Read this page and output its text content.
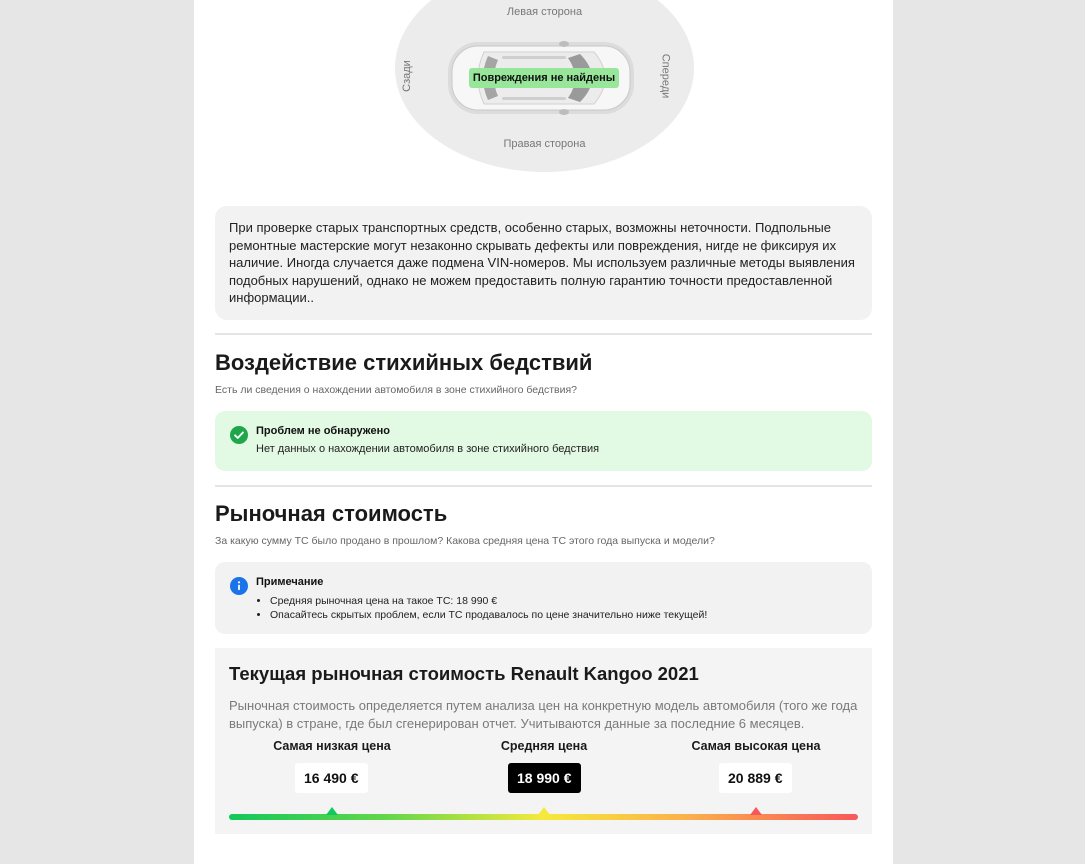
Левая сторона
Правая сторона
Сзади	Спереди
Повреждения не найдены
При проверке старых транспортных средств, особенно старых, возможны неточности. Подпольные ремонтные мастерские могут незаконно скрывать дефекты или повреждения, нигде не фиксируя их наличие. Иногда случается даже подмена VIN-номеров. Мы используем различные методы выявления подобных нарушений, однако не можем предоставить полную гарантию точности предоставленной информации..
Воздействие стихийных бедствий
Есть ли сведения о нахождении автомобиля в зоне стихийного бедствия?
Проблем не обнаружено
Нет данных о нахождении автомобиля в зоне стихийного бедствия
Рыночная стоимость
За какую сумму ТС было продано в прошлом? Какова средняя цена ТС этого года выпуска и модели?
Примечание
• Средняя рыночная цена на такое ТС: 18 990 €
• Опасайтесь скрытых проблем, если ТС продавалось по цене значительно ниже текущей!
Текущая рыночная стоимость Renault Kangoo 2021
Рыночная стоимость определяется путем анализа цен на конкретную модель автомобиля (того же года выпуска) в стране, где был сгенерирован отчет. Учитываются данные за последние 6 месяцев.
Самая низкая цена	Средняя цена	Самая высокая цена
16 490 €	18 990 €	20 889 €
